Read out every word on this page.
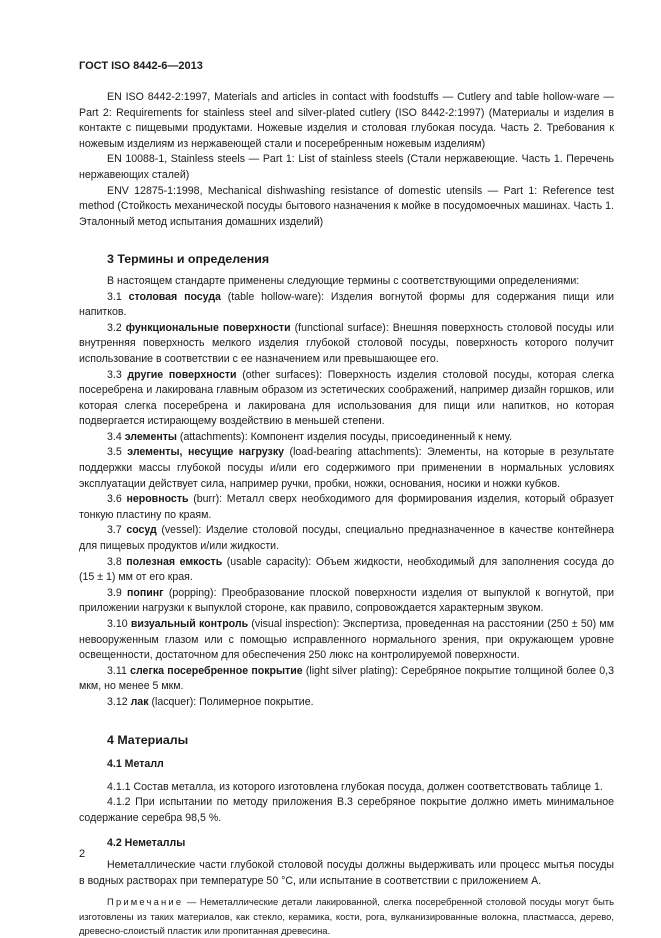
ГОСТ ISO 8442-6—2013

EN ISO 8442-2:1997, Materials and articles in contact with foodstuffs — Cutlery and table hollow-ware — Part 2: Requirements for stainless steel and silver-plated cutlery (ISO 8442-2:1997) (Материалы и изделия в контакте с пищевыми продуктами. Ножевые изделия и столовая глубокая посуда. Часть 2. Требования к ножевым изделиям из нержавеющей стали и посеребренным ножевым изделиям)

EN 10088-1, Stainless steels — Part 1: List of stainless steels (Стали нержавеющие. Часть 1. Перечень нержавеющих сталей)

ENV 12875-1:1998, Mechanical dishwashing resistance of domestic utensils — Part 1: Reference test method (Стойкость механической посуды бытового назначения к мойке в посудомоечных машинах. Часть 1. Эталонный метод испытания домашних изделий)

3 Термины и определения

В настоящем стандарте применены следующие термины с соответствующими определениями:

3.1 столовая посуда (table hollow-ware): Изделия вогнутой формы для содержания пищи или напитков.

3.2 функциональные поверхности (functional surface): Внешняя поверхность столовой посуды или внутренняя поверхность мелкого изделия глубокой столовой посуды, поверхность которого получит использование в соответствии с ее назначением или превышающее его.

3.3 другие поверхности (other surfaces): Поверхность изделия столовой посуды, которая слегка посеребрена и лакирована главным образом из эстетических соображений, например дизайн горшков, или которая слегка посеребрена и лакирована для использования для пищи или напитков, но которая подвергается истирающему воздействию в меньшей степени.

3.4 элементы (attachments): Компонент изделия посуды, присоединенный к нему.

3.5 элементы, несущие нагрузку (load-bearing attachments): Элементы, на которые в результате поддержки массы глубокой посуды и/или его содержимого при применении в нормальных условиях эксплуатации действует сила, например ручки, пробки, ножки, основания, носики и ножки кубков.

3.6 неровность (burr): Металл сверх необходимого для формирования изделия, который образует тонкую пластину по краям.

3.7 сосуд (vessel): Изделие столовой посуды, специально предназначенное в качестве контейнера для пищевых продуктов и/или жидкости.

3.8 полезная емкость (usable capacity): Объем жидкости, необходимый для заполнения сосуда до (15 ± 1) мм от его края.

3.9 попинг (popping): Преобразование плоской поверхности изделия от выпуклой к вогнутой, при приложении нагрузки к выпуклой стороне, как правило, сопровождается характерным звуком.

3.10 визуальный контроль (visual inspection): Экспертиза, проведенная на расстоянии (250 ± 50) мм невооруженным глазом или с помощью исправленного нормального зрения, при окружающем уровне освещенности, достаточном для обеспечения 250 люкс на контролируемой поверхности.

3.11 слегка посеребренное покрытие (light silver plating): Серебряное покрытие толщиной более 0,3 мкм, но менее 5 мкм.

3.12 лак (lacquer): Полимерное покрытие.

4 Материалы
4.1 Металл

4.1.1 Состав металла, из которого изготовлена глубокая посуда, должен соответствовать таблице 1.

4.1.2 При испытании по методу приложения В.3 серебряное покрытие должно иметь минимальное содержание серебра 98,5 %.

4.2 Неметаллы

Неметаллические части глубокой столовой посуды должны выдерживать или процесс мытья посуды в водных растворах при температуре 50 °С, или испытание в соответствии с приложением А.

Примечание — Неметаллические детали лакированной, слегка посеребренной столовой посуды могут быть изготовлены из таких материалов, как стекло, керамика, кости, рога, вулканизированные волокна, пластмасса, дерево, древесно-слоистый пластик или пропитанная древесина.

2
